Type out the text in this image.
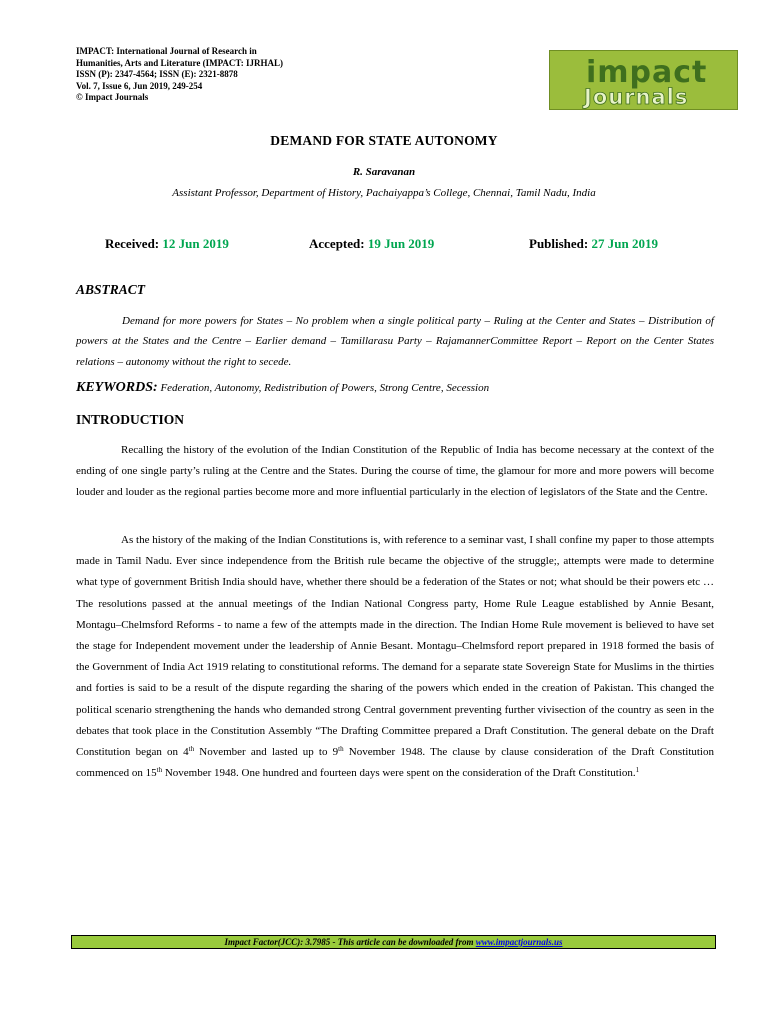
IMPACT: International Journal of Research in
Humanities, Arts and Literature (IMPACT: IJRHAL)
ISSN (P): 2347-4564; ISSN (E): 2321-8878
Vol. 7, Issue 6, Jun 2019, 249-254
© Impact Journals
impact
Journals
DEMAND FOR STATE AUTONOMY
R. Saravanan
Assistant Professor, Department of History, Pachaiyappa’s College, Chennai, Tamil Nadu, India
Received: 12 Jun 2019	Accepted: 19 Jun 2019	Published: 27 Jun 2019
ABSTRACT
Demand for more powers for States – No problem when a single political party – Ruling at the Center and States – Distribution of powers at the States and the Centre – Earlier demand – Tamillarasu Party – RajamannerCommittee Report – Report on the Center States relations – autonomy without the right to secede.
KEYWORDS: Federation, Autonomy, Redistribution of Powers, Strong Centre, Secession
INTRODUCTION
Recalling the history of the evolution of the Indian Constitution of the Republic of India has become necessary at the context of the ending of one single party’s ruling at the Centre and the States. During the course of time, the glamour for more and more powers will become louder and louder as the regional parties become more and more influential particularly in the election of legislators of the State and the Centre.
As the history of the making of the Indian Constitutions is, with reference to a seminar vast, I shall confine my paper to those attempts made in Tamil Nadu. Ever since independence from the British rule became the objective of the struggle;, attempts were made to determine what type of government British India should have, whether there should be a federation of the States or not; what should be their powers etc … The resolutions passed at the annual meetings of the Indian National Congress party, Home Rule League established by Annie Besant, Montagu–Chelmsford Reforms - to name a few of the attempts made in the direction. The Indian Home Rule movement is believed to have set the stage for Independent movement under the leadership of Annie Besant. Montagu–Chelmsford report prepared in 1918 formed the basis of the Government of India Act 1919 relating to constitutional reforms. The demand for a separate state Sovereign State for Muslims in the thirties and forties is said to be a result of the dispute regarding the sharing of the powers which ended in the creation of Pakistan. This changed the political scenario strengthening the hands who demanded strong Central government preventing further vivisection of the country as seen in the debates that took place in the Constitution Assembly “The Drafting Committee prepared a Draft Constitution. The general debate on the Draft Constitution began on 4th November and lasted up to 9th November 1948. The clause by clause consideration of the Draft Constitution commenced on 15th November 1948. One hundred and fourteen days were spent on the consideration of the Draft Constitution.$^1$
Impact Factor(JCC): 3.7985 - This article can be downloaded from www.impactjournals.us
